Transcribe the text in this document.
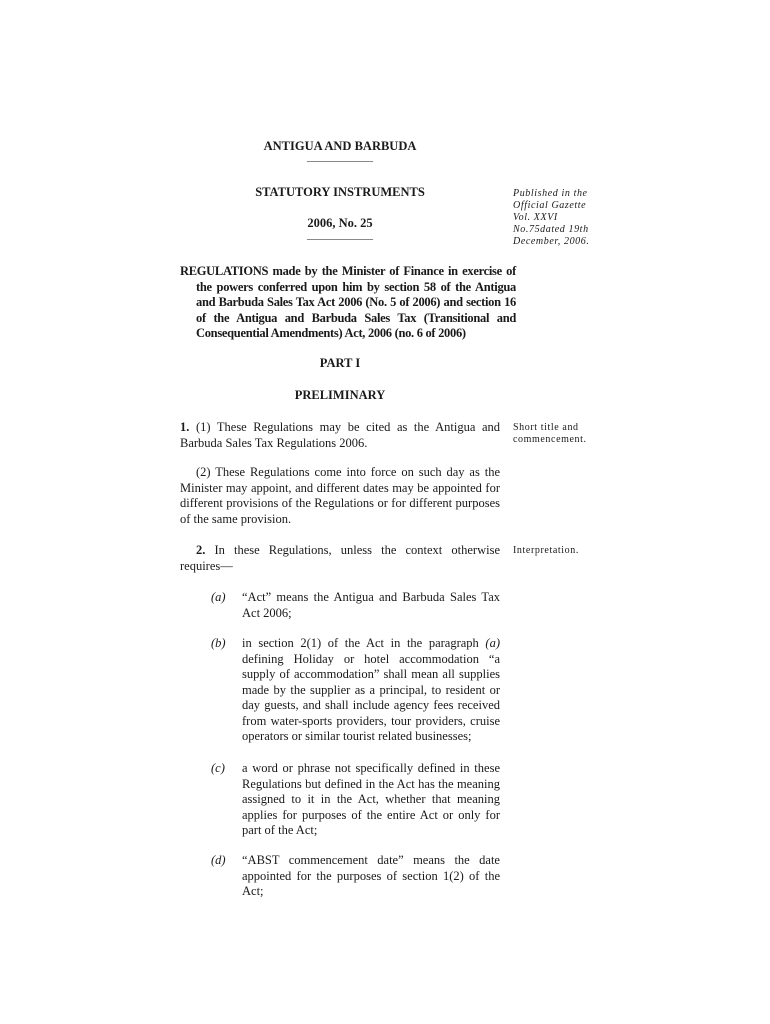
ANTIGUA AND BARBUDA
____________
STATUTORY INSTRUMENTS
2006, No. 25
____________
Published in the
Official Gazette
Vol. XXVI
No.75dated 19th
December, 2006.
REGULATIONS made by the Minister of Finance in exercise of the powers conferred upon him by section 58 of the Antigua and Barbuda Sales Tax Act 2006 (No. 5 of 2006) and section 16 of the Antigua and Barbuda Sales Tax (Transitional and Consequential Amendments) Act, 2006 (no. 6 of 2006)
PART I
PRELIMINARY
1. (1) These Regulations may be cited as the Antigua and Barbuda Sales Tax Regulations 2006.
Short title and
commencement.
(2) These Regulations come into force on such day as the Minister may appoint, and different dates may be appointed for different provisions of the Regulations or for different purposes of the same provision.
2. In these Regulations, unless the context otherwise requires—
Interpretation.
(a)	“Act” means the Antigua and Barbuda Sales Tax Act 2006;
(b)	in section 2(1) of the Act in the paragraph (a) defining Holiday or hotel accommodation “a supply of accommodation” shall mean all supplies made by the supplier as a principal, to resident or day guests, and shall include agency fees received from water-sports providers, tour providers, cruise operators or similar tourist related businesses;
(c)	a word or phrase not specifically defined in these Regulations but defined in the Act has the meaning assigned to it in the Act, whether that meaning applies for purposes of the entire Act or only for part of the Act;
(d)	“ABST commencement date” means the date appointed for the purposes of section 1(2) of the Act;
